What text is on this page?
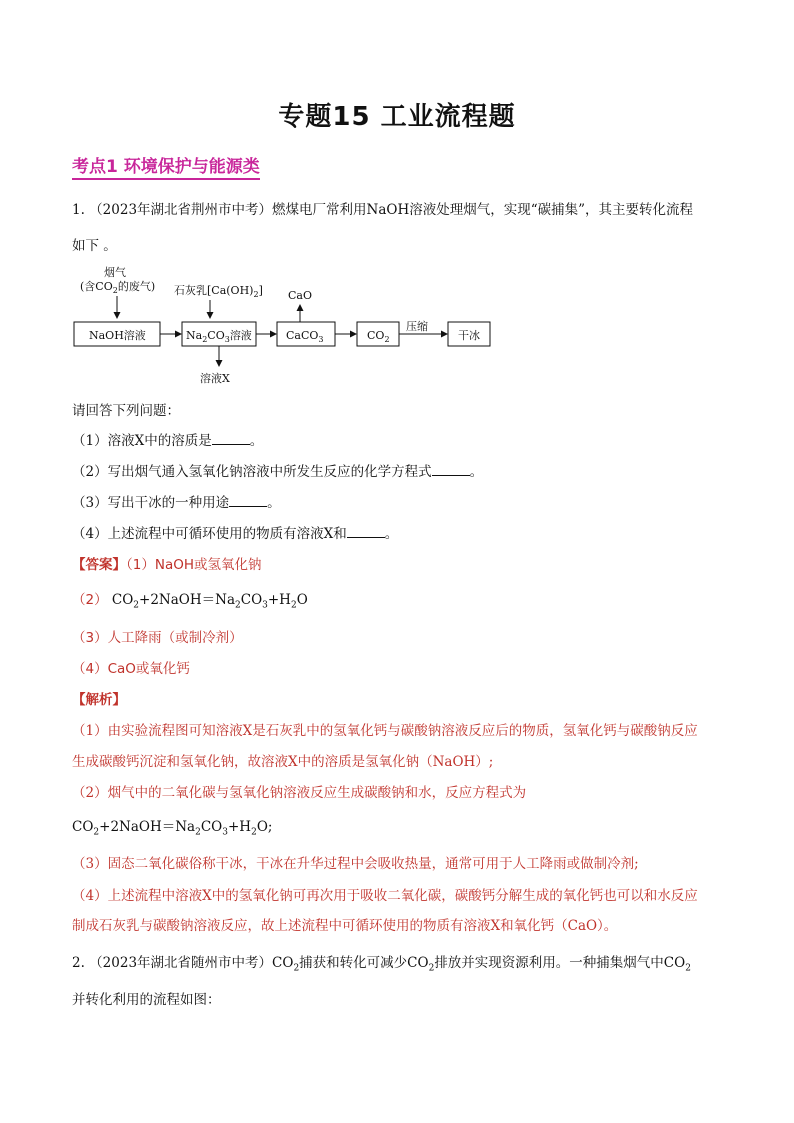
专题15 工业流程题
考点1 环境保护与能源类
1. （2023年湖北省荆州市中考）燃煤电厂常利用NaOH溶液处理烟气，实现“碳捕集”，其主要转化流程
如下 。
烟气
(含$CO_2$的废气) 石灰乳$[Ca(OH)_2]$ CaO
NaOH溶液	$Na_2CO_3$溶液	CaCO$_3$	$CO_2$
压缩
干冰
溶液X
请回答下列问题：
（1）溶液X中的溶质是	。
（2）写出烟气通入氢氧化钠溶液中所发生反应的化学方程式	。
（3）写出干冰的一种用途	。
（4）上述流程中可循环使用的物质有溶液X和	。
【答案】（1）NaOH或氢氧化钠
（2） $CO_2+2NaOH=Na_2CO_3+H_2O$
（3）人工降雨（或制冷剂）
（4）CaO或氧化钙
【解析】
（1）由实验流程图可知溶液X是石灰乳中的氢氧化钙与碳酸钠溶液反应后的物质，氢氧化钙与碳酸钠反应
生成碳酸钙沉淀和氢氧化钠，故溶液X中的溶质是氢氧化钠（NaOH）;
（2）烟气中的二氧化碳与氢氧化钠溶液反应生成碳酸钠和水，反应方程式为
$CO_2+2NaOH=Na_2CO_3+H_2O$;
（3）固态二氧化碳俗称干冰，干冰在升华过程中会吸收热量，通常可用于人工降雨或做制冷剂;
（4）上述流程中溶液X中的氢氧化钠可再次用于吸收二氧化碳，碳酸钙分解生成的氧化钙也可以和水反应
制成石灰乳与碳酸钠溶液反应，故上述流程中可循环使用的物质有溶液X和氧化钙（CaO）。
2. （2023年湖北省随州市中考）$CO_2$捕获和转化可减少$CO_2$排放并实现资源利用。一种捕集烟气中$CO_2$
并转化利用的流程如图：
